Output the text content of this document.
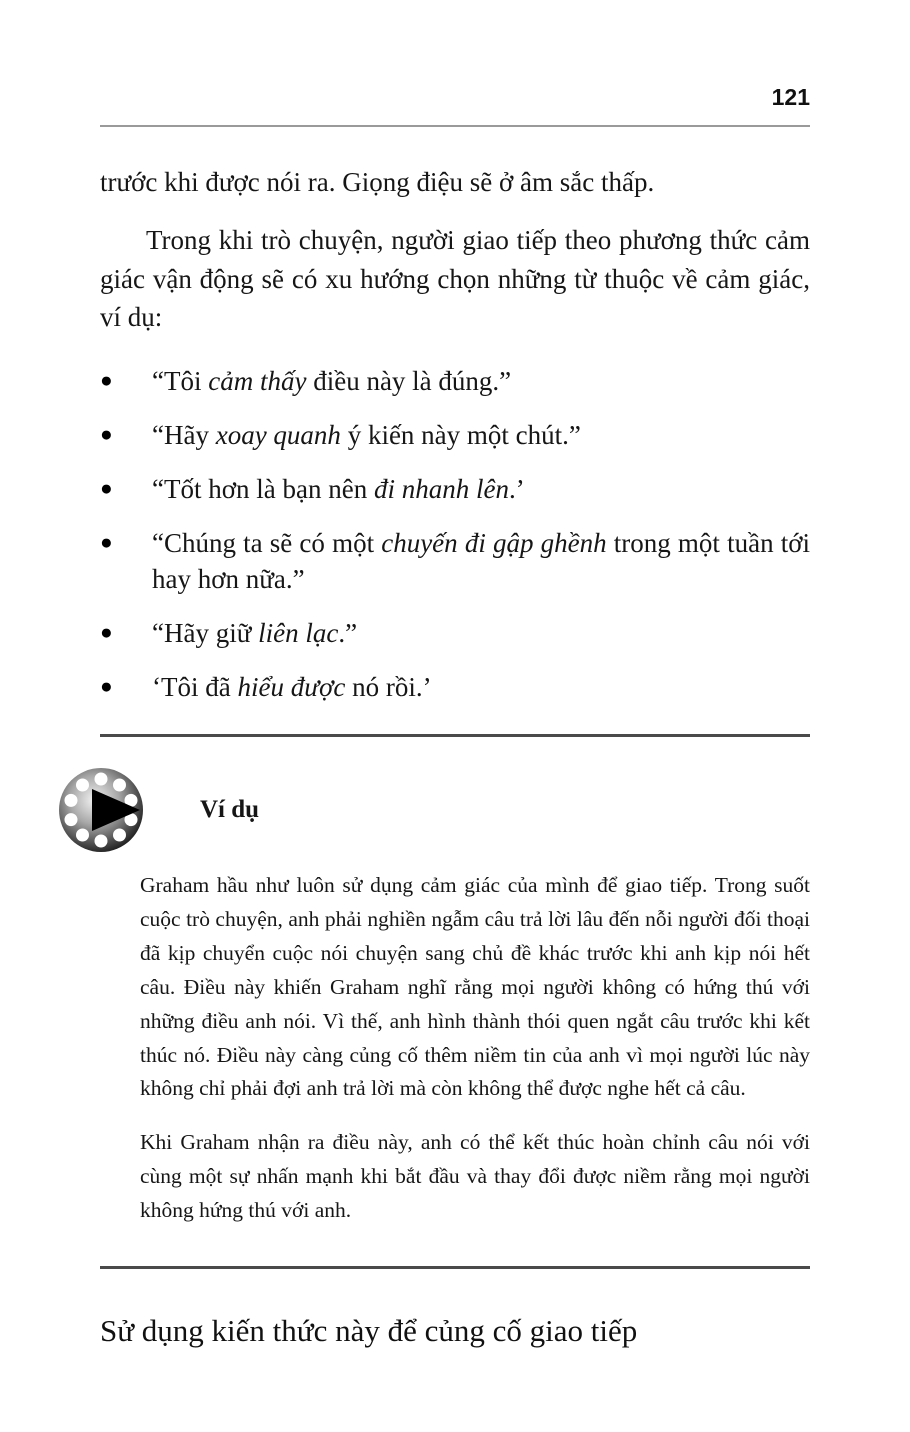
121

trước khi được nói ra. Giọng điệu sẽ ở âm sắc thấp.

Trong khi trò chuyện, người giao tiếp theo phương thức cảm giác vận động sẽ có xu hướng chọn những từ thuộc về cảm giác, ví dụ:

●	“Tôi cảm thấy điều này là đúng.”
●	“Hãy xoay quanh ý kiến này một chút.”
●	“Tốt hơn là bạn nên đi nhanh lên.’
●	“Chúng ta sẽ có một chuyến đi gập ghềnh trong một tuần tới hay hơn nữa.”
●	“Hãy giữ liên lạc.”
●	‘Tôi đã hiểu được nó rồi.’
Ví dụ

Graham hầu như luôn sử dụng cảm giác của mình để giao tiếp. Trong suốt cuộc trò chuyện, anh phải nghiền ngẫm câu trả lời lâu đến nỗi người đối thoại đã kịp chuyển cuộc nói chuyện sang chủ đề khác trước khi anh kịp nói hết câu. Điều này khiến Graham nghĩ rằng mọi người không có hứng thú với những điều anh nói. Vì thế, anh hình thành thói quen ngắt câu trước khi kết thúc nó. Điều này càng củng cố thêm niềm tin của anh vì mọi người lúc này không chỉ phải đợi anh trả lời mà còn không thể được nghe hết cả câu.

Khi Graham nhận ra điều này, anh có thể kết thúc hoàn chỉnh câu nói với cùng một sự nhấn mạnh khi bắt đầu và thay đổi được niềm rằng mọi người không hứng thú với anh.

Sử dụng kiến thức này để củng cố giao tiếp
